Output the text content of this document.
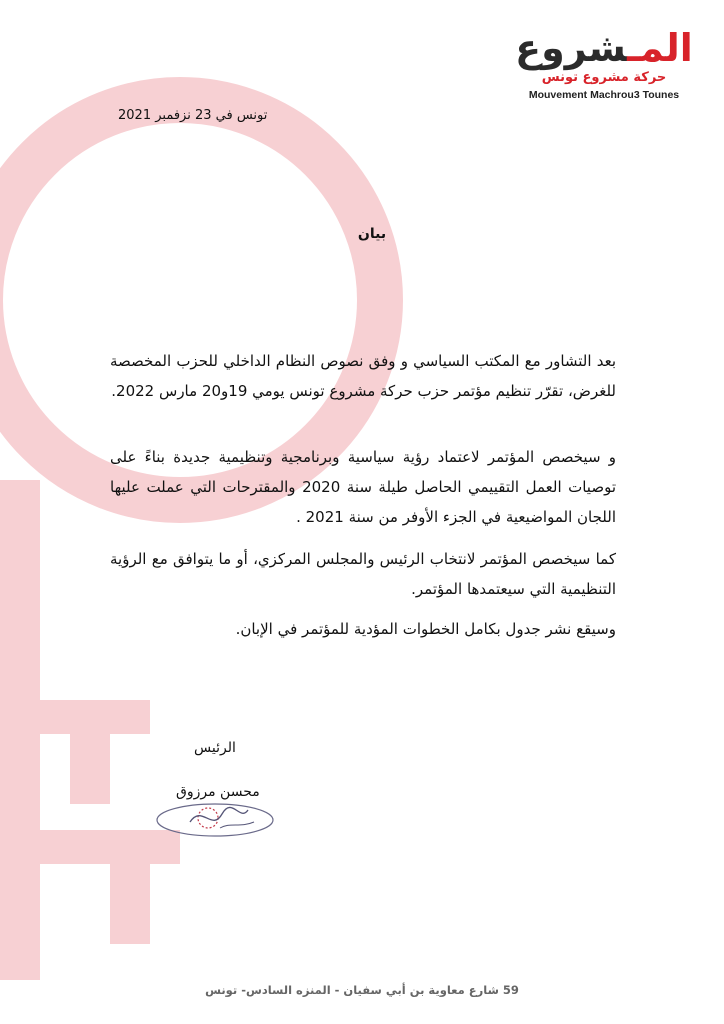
المـشروع
حركة مشروع تونس
Mouvement Machrou3 Tounes
تونس في 23 نزفمبر 2021
بيان
بعد التشاور مع المكتب السياسي و وفق نصوص النظام الداخلي للحزب المخصصة للغرض، تقرّر تنظيم مؤتمر حزب حركة مشروع تونس يومي 19و20 مارس 2022.
و سيخصص المؤتمر لاعتماد رؤية سياسية وبرنامجية وتنظيمية جديدة بناءً على توصيات العمل التقييمي الحاصل طيلة سنة 2020 والمقترحات التي عملت عليها اللجان المواضيعية في الجزء الأوفر من سنة 2021 .
كما سيخصص المؤتمر لانتخاب الرئيس والمجلس المركزي، أو ما يتوافق مع الرؤية التنظيمية التي سيعتمدها المؤتمر.
وسيقع نشر جدول بكامل الخطوات المؤدية للمؤتمر في الإبان.
الرئيس
محسن مرزوق
59 شارع معاوية بن أبي سفيان - المنزه السادس- تونس
